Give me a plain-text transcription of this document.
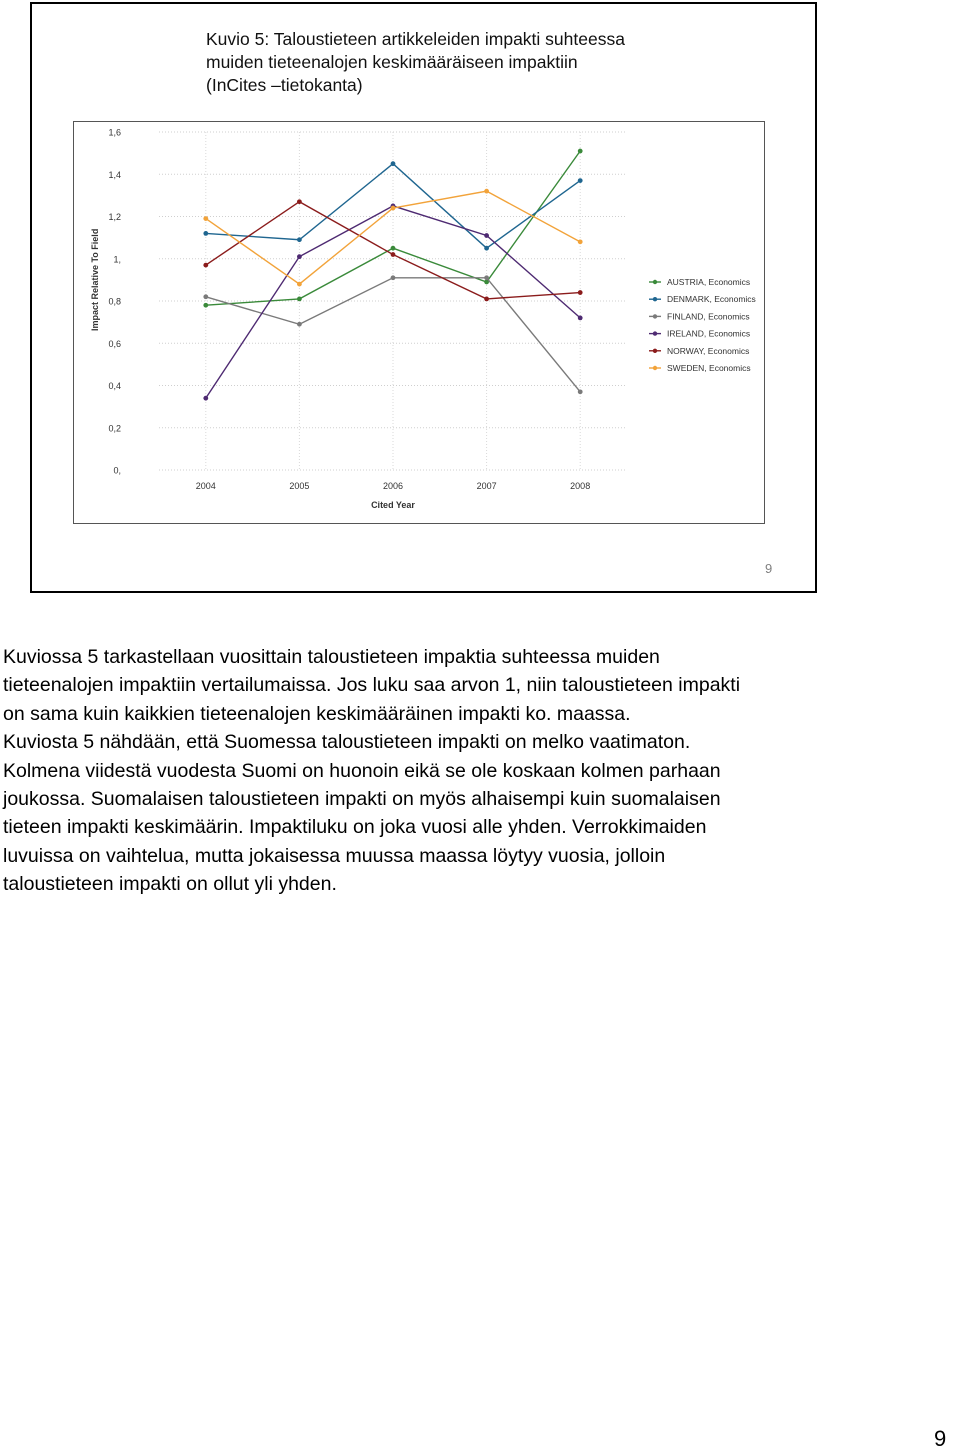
Kuvio 5: Taloustieteen artikkeleiden impakti suhteessa
muiden tieteenalojen keskimääräiseen impaktiin
(InCites –tietokanta)
0,
0,2
0,4
0,6
0,8
1,
1,2
1,4
1,6
2004	2005	2006	2007	2008
Cited Year
Impact Relative To Field	AUSTRIA, Economics
DENMARK, Economics
FINLAND, Economics
IRELAND, Economics
NORWAY, Economics
SWEDEN, Economics
9
Kuviossa 5 tarkastellaan vuosittain taloustieteen impaktia suhteessa muiden
tieteenalojen impaktiin vertailumaissa. Jos luku saa arvon 1, niin taloustieteen impakti
on sama kuin kaikkien tieteenalojen keskimääräinen impakti ko. maassa.
Kuviosta 5 nähdään, että Suomessa taloustieteen impakti on melko vaatimaton.
Kolmena viidestä vuodesta Suomi on huonoin eikä se ole koskaan kolmen parhaan
joukossa. Suomalaisen taloustieteen impakti on myös alhaisempi kuin suomalaisen
tieteen impakti keskimäärin. Impaktiluku on joka vuosi alle yhden. Verrokkimaiden
luvuissa on vaihtelua, mutta jokaisessa muussa maassa löytyy vuosia, jolloin
taloustieteen impakti on ollut yli yhden.
9
